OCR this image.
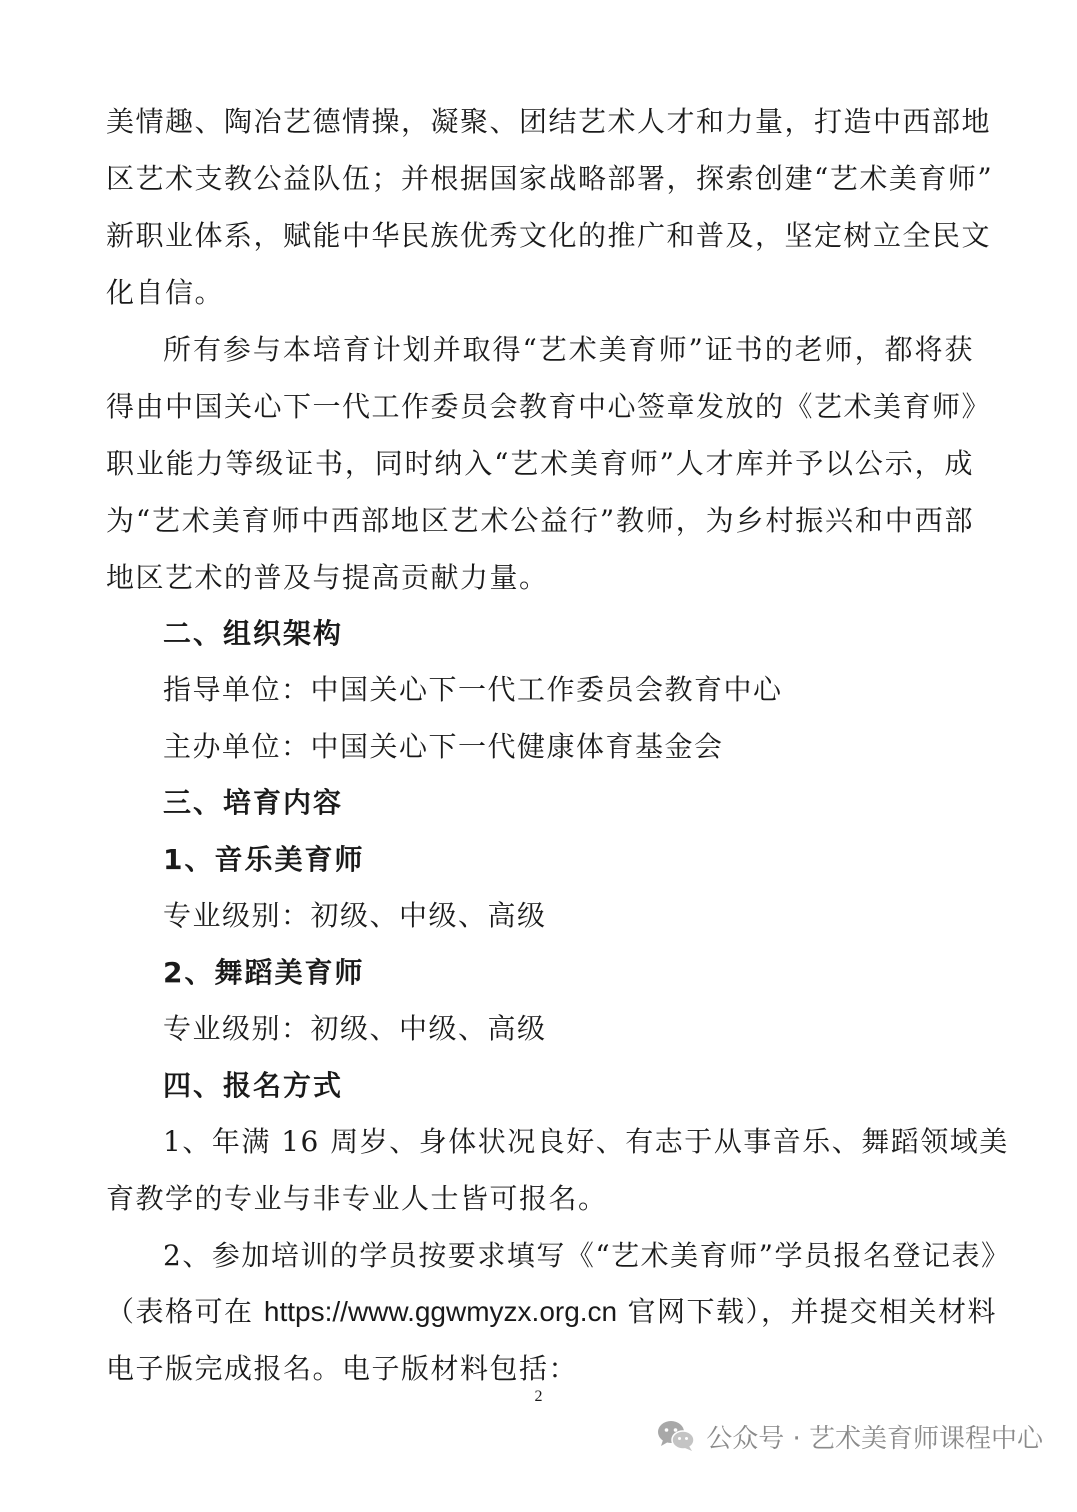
美情趣、陶冶艺德情操，凝聚、团结艺术人才和力量，打造中西部地
区艺术支教公益队伍；并根据国家战略部署，探索创建“艺术美育师”
新职业体系，赋能中华民族优秀文化的推广和普及，坚定树立全民文
化自信。
所有参与本培育计划并取得“艺术美育师”证书的老师，都将获
得由中国关心下一代工作委员会教育中心签章发放的《艺术美育师》
职业能力等级证书，同时纳入“艺术美育师”人才库并予以公示，成
为“艺术美育师中西部地区艺术公益行”教师，为乡村振兴和中西部
地区艺术的普及与提高贡献力量。
二、组织架构
指导单位：中国关心下一代工作委员会教育中心
主办单位：中国关心下一代健康体育基金会
三、培育内容
1、音乐美育师
专业级别：初级、中级、高级
2、舞蹈美育师
专业级别：初级、中级、高级
四、报名方式
1、年满 16 周岁、身体状况良好、有志于从事音乐、舞蹈领域美
育教学的专业与非专业人士皆可报名。
2、参加培训的学员按要求填写《“艺术美育师”学员报名登记表》
（表格可在 https://www.ggwmyzx.org.cn 官网下载），并提交相关材料
电子版完成报名。电子版材料包括：
2
公众号 · 艺术美育师课程中心
